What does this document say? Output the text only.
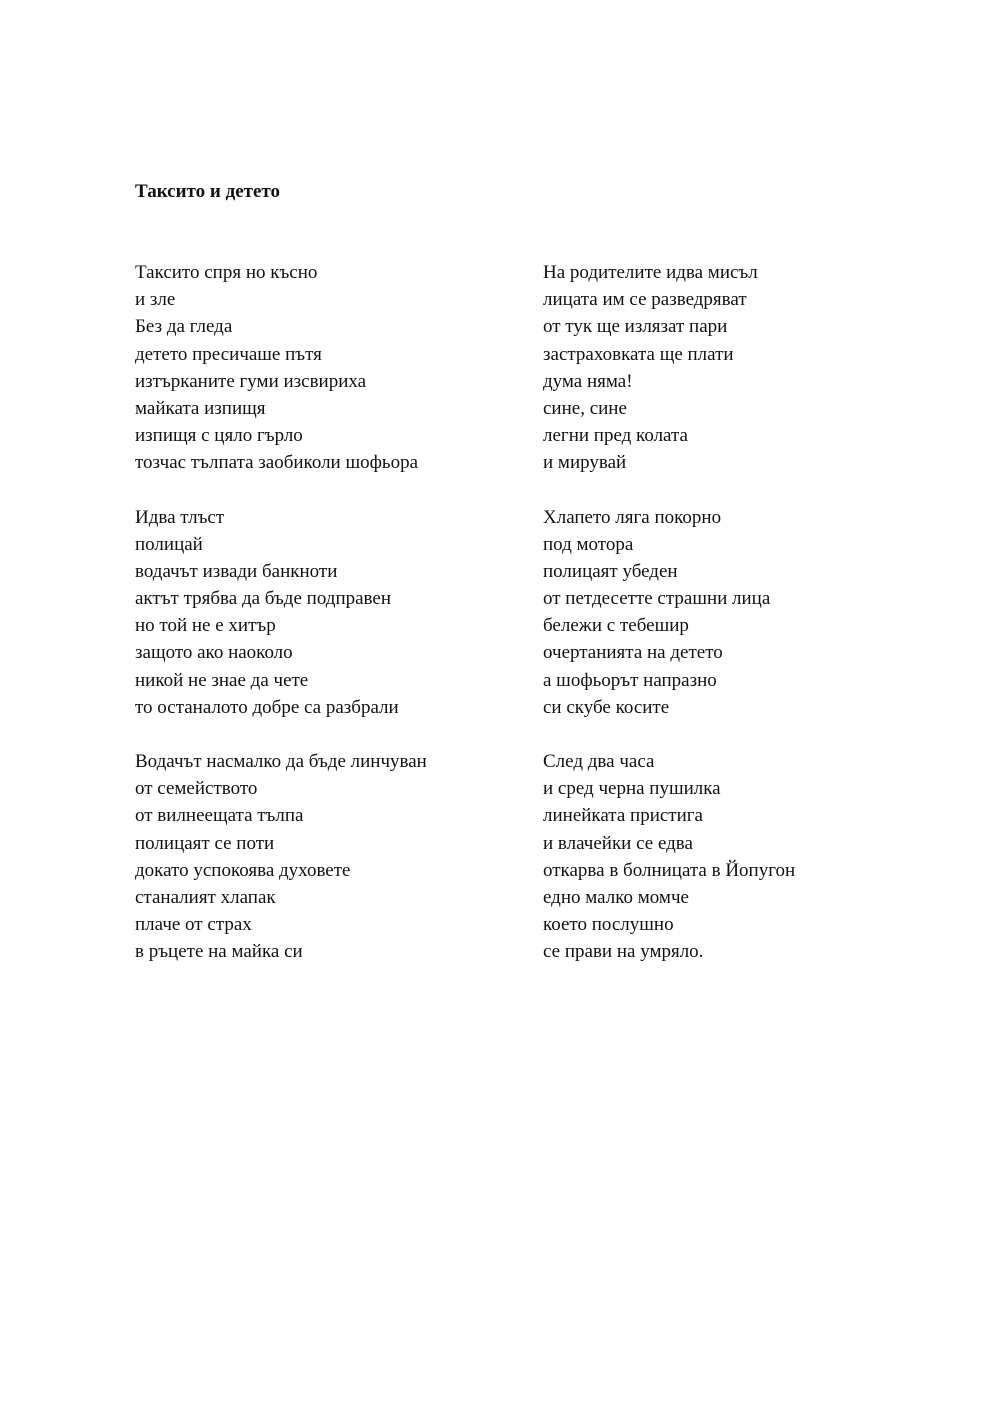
Таксито и детето
Таксито спря но късно
и зле
Без да гледа
детето пресичаше пътя
изтърканите гуми изсвириха
майката изпищя
изпищя с цяло гърло
тозчас тълпата заобиколи шофьора
Идва тлъст
полицай
водачът извади банкноти
актът трябва да бъде подправен
но той не е хитър
защото ако наоколо
никой не знае да чете
то останалото добре са разбрали
Водачът насмалко да бъде линчуван
от семейството
от вилнеещата тълпа
полицаят се поти
докато успокоява духовете
станалият хлапак
плаче от страх
в ръцете на майка си
На родителите идва мисъл
лицата им се разведряват
от тук ще излязат пари
застраховката ще плати
дума няма!
сине, сине
легни пред колата
и мирувай
Хлапето ляга покорно
под мотора
полицаят убеден
от петдесетте страшни лица
бележи с тебешир
очертанията на детето
а шофьорът напразно
си скубе косите
След два часа
и сред черна пушилка
линейката пристига
и влачейки се едва
откарва в болницата в Йопугон
едно малко момче
което послушно
се прави на умряло.
